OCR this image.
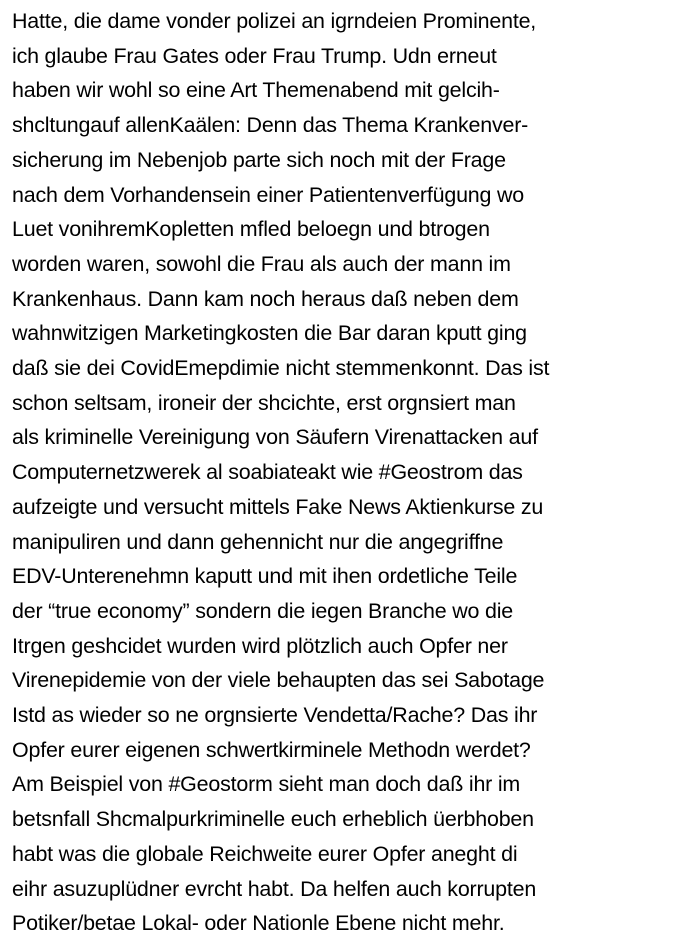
Hatte, die dame vonder polizei an igrndeien Prominente,
ich glaube Frau Gates oder Frau Trump. Udn erneut
haben wir wohl so eine Art Themenabend mit gelcih-
shcltungauf allenKaälen: Denn das Thema Krankenver-
sicherung im Nebenjob parte sich noch mit der Frage
nach dem Vorhandensein einer Patientenverfügung wo
Luet vonihremKopletten mfled beloegn und btrogen
worden waren, sowohl die Frau als auch der mann im
Krankenhaus. Dann kam noch heraus daß neben dem
wahnwitzigen Marketingkosten die Bar daran kputt ging
daß sie dei CovidEmepdimie nicht stemmenkonnt. Das ist
schon seltsam, ironeir der shcichte, erst orgnsiert man
als kriminelle Vereinigung von Säufern Virenattacken auf
Computernetzwerek al soabiateakt wie #Geostrom das
aufzeigte und versucht mittels Fake News Aktienkurse zu
manipuliren und dann gehennicht nur die angegriffne
EDV-Unterenehmn kaputt und mit ihen ordetliche Teile
der “true economy” sondern die iegen Branche wo die
Itrgen geshcidet wurden wird plötzlich auch Opfer ner
Virenepidemie von der viele behaupten das sei Sabotage
Istd as wieder so ne orgnsierte Vendetta/Rache? Das ihr
Opfer eurer eigenen schwertkirminele Methodn werdet?
Am Beispiel von #Geostorm sieht man doch daß ihr im
betsnfall Shcmalpurkriminelle euch erheblich üerbhoben
habt was die globale Reichweite eurer Opfer aneght di
eihr asuzuplüdner evrcht habt. Da helfen auch korrupten
Potiker/betae Lokal- oder Nationle Ebene nicht mehr.
